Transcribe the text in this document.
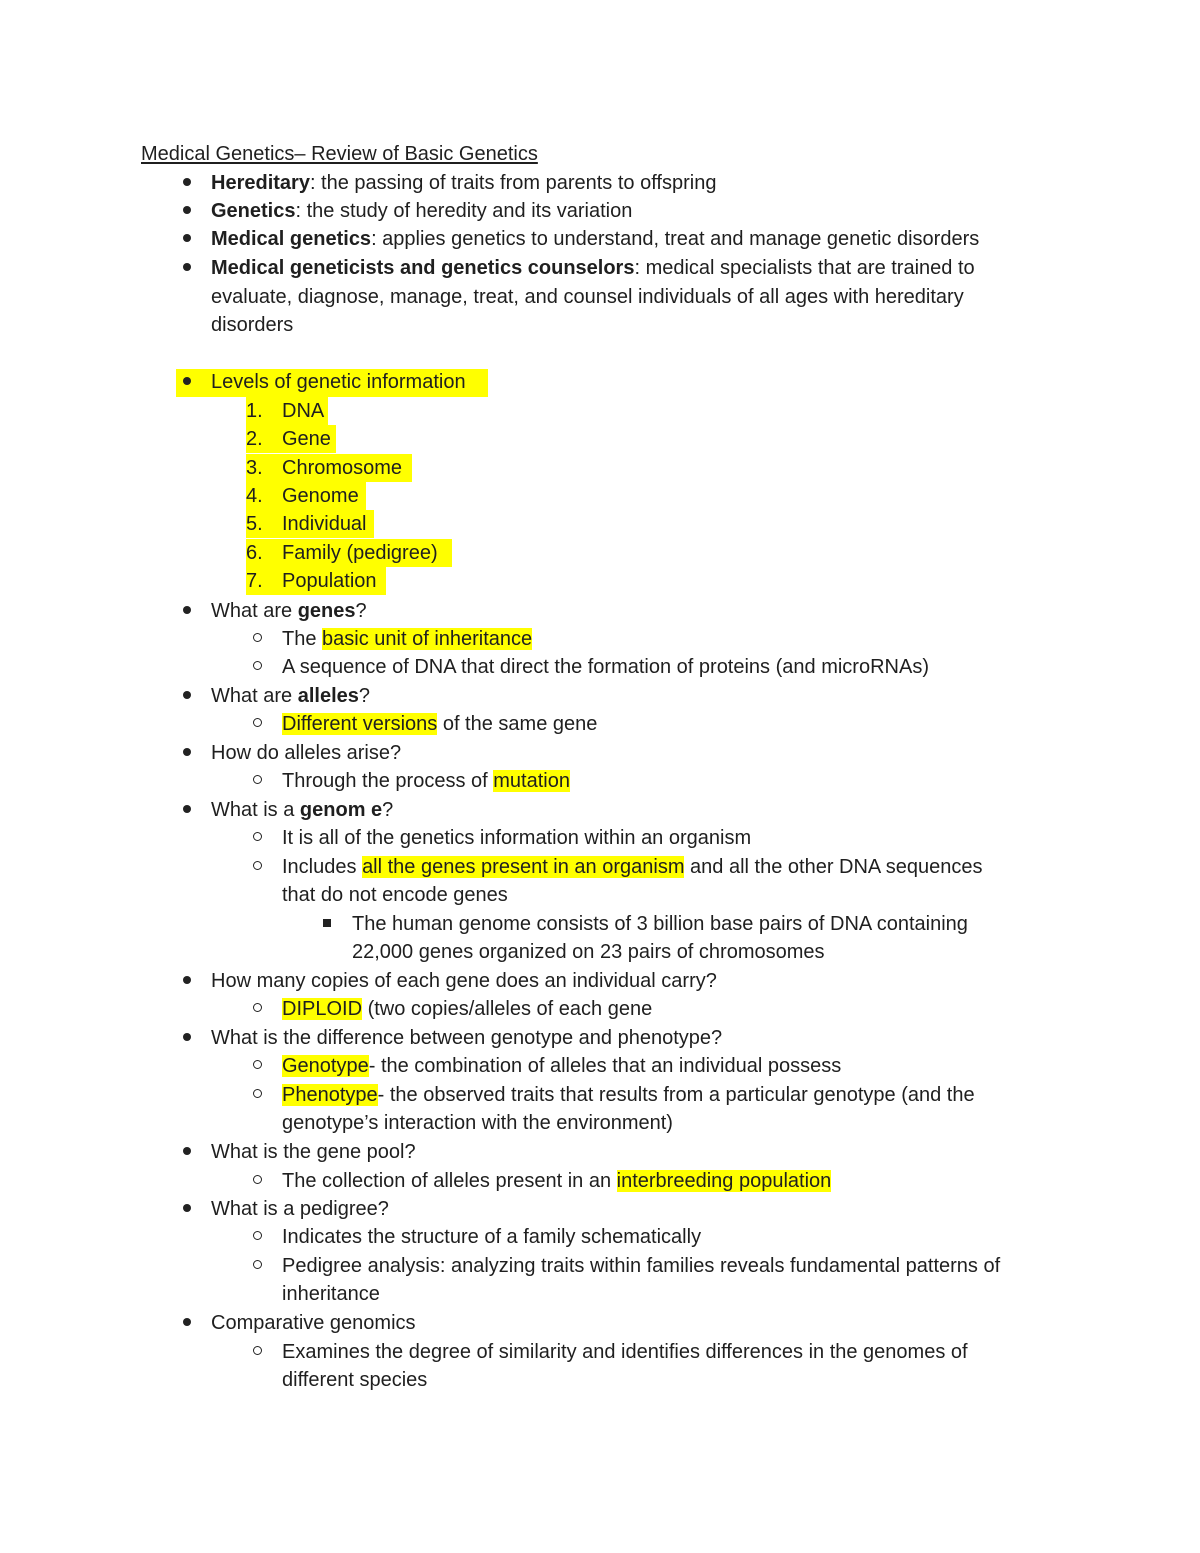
Medical Genetics– Review of Basic Genetics
Hereditary: the passing of traits from parents to offspring
Genetics: the study of heredity and its variation
Medical genetics: applies genetics to understand, treat and manage genetic disorders
Medical geneticists and genetics counselors: medical specialists that are trained to
evaluate, diagnose, manage, treat, and counsel individuals of all ages with hereditary
disorders
Levels of genetic information
1. DNA

2. Gene

3. Chromosome

4. Genome

5. Individual

6. Family (pedigree)

7. Population

What are genes?
The basic unit of inheritance
A sequence of DNA that direct the formation of proteins (and microRNAs)
What are alleles?
Different versions of the same gene
How do alleles arise?
Through the process of mutation
What is a genom e?
It is all of the genetics information within an organism
Includes all the genes present in an organism and all the other DNA sequences
that do not encode genes
The human genome consists of 3 billion base pairs of DNA containing
22,000 genes organized on 23 pairs of chromosomes
How many copies of each gene does an individual carry?
DIPLOID (two copies/alleles of each gene
What is the difference between genotype and phenotype?
Genotype- the combination of alleles that an individual possess
Phenotype- the observed traits that results from a particular genotype (and the
genotype’s interaction with the environment)
What is the gene pool?
The collection of alleles present in an interbreeding population
What is a pedigree?
Indicates the structure of a family schematically
Pedigree analysis: analyzing traits within families reveals fundamental patterns of
inheritance
Comparative genomics
Examines the degree of similarity and identifies differences in the genomes of
different species
